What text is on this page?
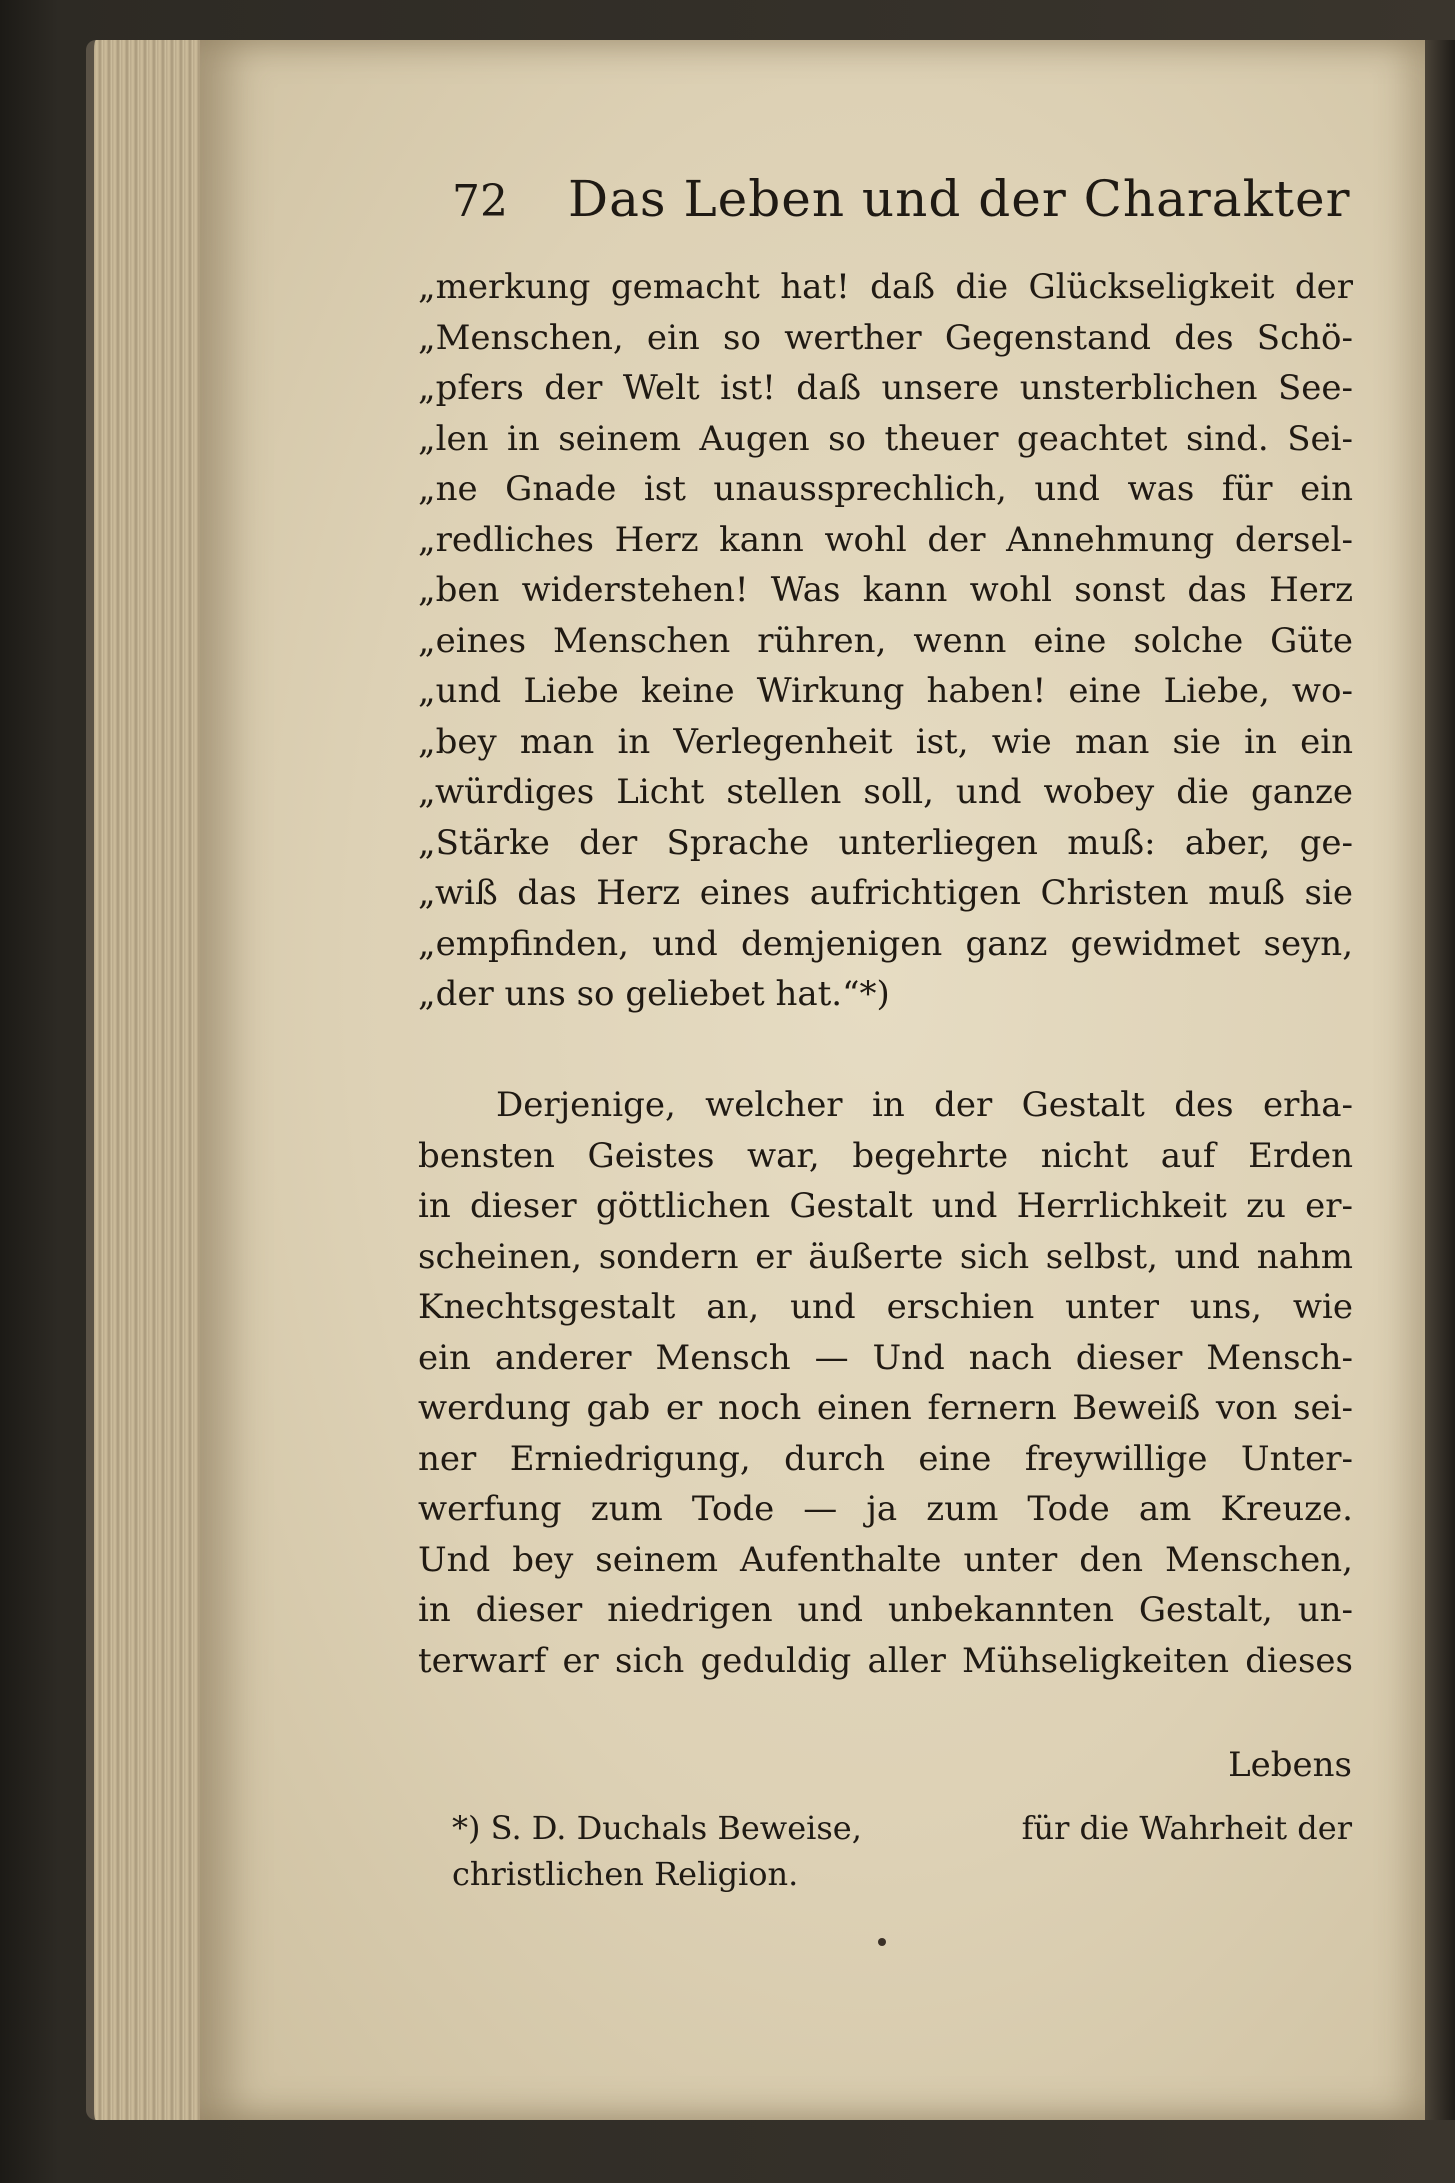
72 Das Leben und der Charakter
„merkung gemacht hat! daß die Glückseligkeit der
„Menschen, ein so werther Gegenstand des Schö-
„pfers der Welt ist! daß unsere unsterblichen See-
„len in seinem Augen so theuer geachtet sind. Sei-
„ne Gnade ist unaussprechlich, und was für ein
„redliches Herz kann wohl der Annehmung dersel-
„ben widerstehen! Was kann wohl sonst das Herz
„eines Menschen rühren, wenn eine solche Güte
„und Liebe keine Wirkung haben! eine Liebe, wo-
„bey man in Verlegenheit ist, wie man sie in ein
„würdiges Licht stellen soll, und wobey die ganze
„Stärke der Sprache unterliegen muß: aber, ge-
„wiß das Herz eines aufrichtigen Christen muß sie
„empfinden, und demjenigen ganz gewidmet seyn,
„der uns so geliebet hat.“*)
Derjenige, welcher in der Gestalt des erha-
bensten Geistes war, begehrte nicht auf Erden
in dieser göttlichen Gestalt und Herrlichkeit zu er-
scheinen, sondern er äußerte sich selbst, und nahm
Knechtsgestalt an, und erschien unter uns, wie
ein anderer Mensch — Und nach dieser Mensch-
werdung gab er noch einen fernern Beweiß von sei-
ner Erniedrigung, durch eine freywillige Unter-
werfung zum Tode — ja zum Tode am Kreuze.
Und bey seinem Aufenthalte unter den Menschen,
in dieser niedrigen und unbekannten Gestalt, un-
terwarf er sich geduldig aller Mühseligkeiten dieses
Lebens
*) S. D. Duchals Beweise,	für die Wahrheit der
christlichen Religion.
